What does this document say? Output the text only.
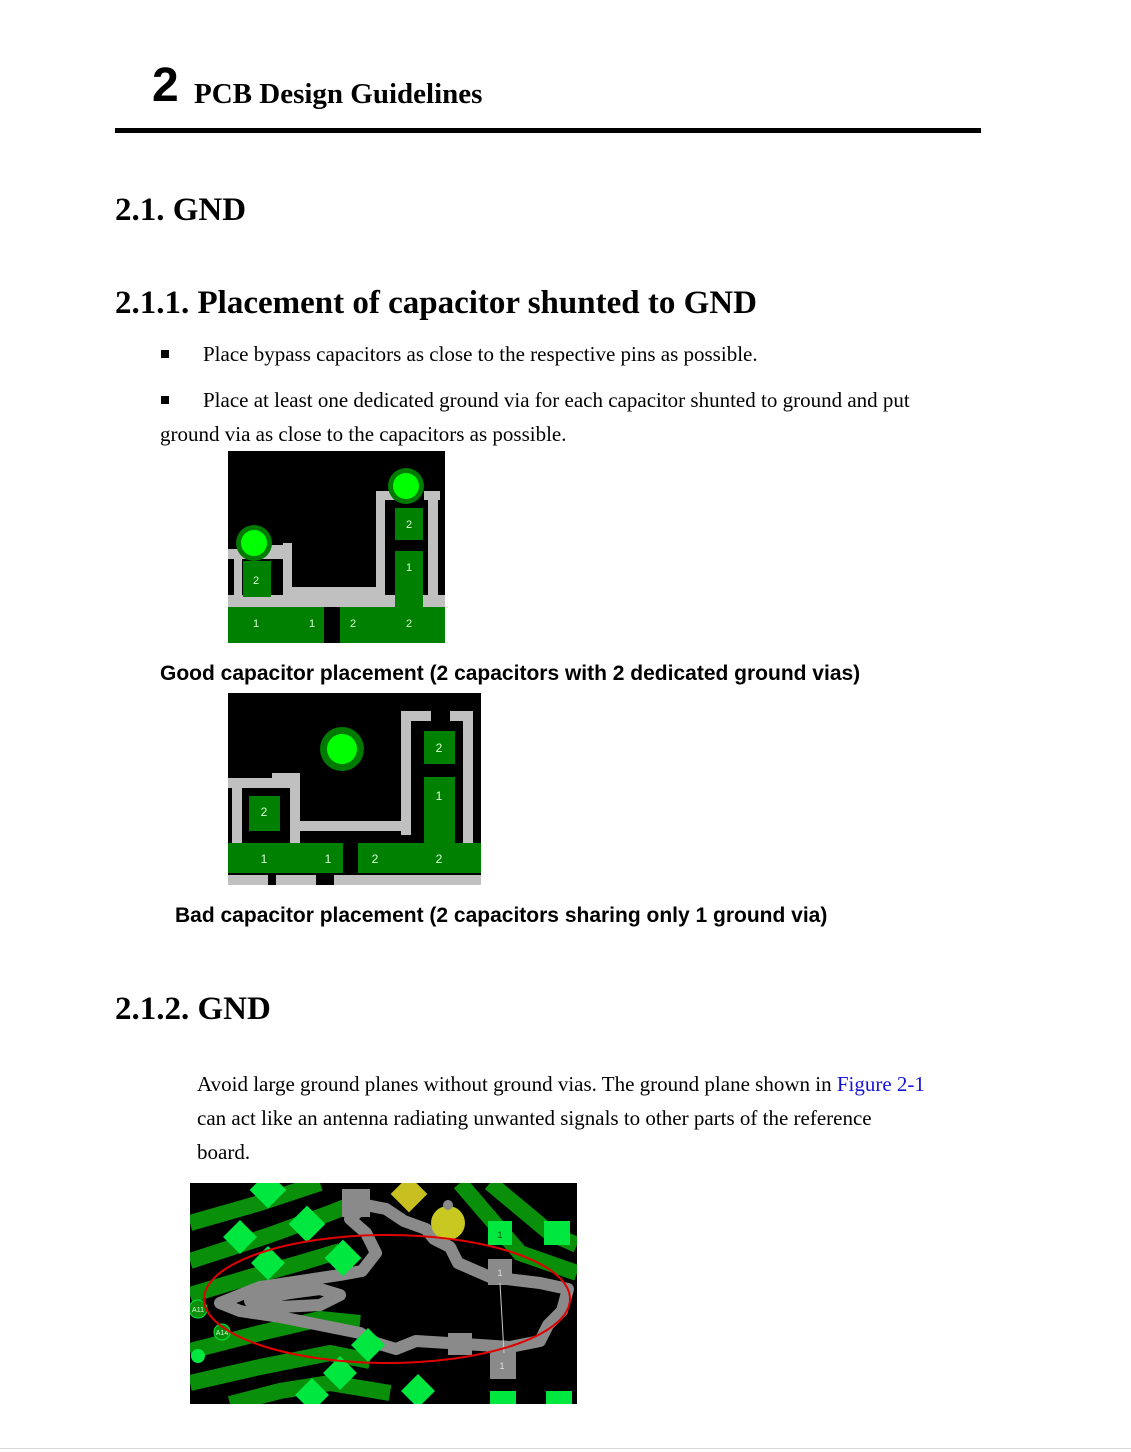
2 PCB Design Guidelines
2.1. GND
2.1.1. Placement of capacitor shunted to GND
Place bypass capacitors as close to the respective pins as possible.
Place at least one dedicated ground via for each capacitor shunted to ground and put
ground via as close to the capacitors as possible.
2
2
1
1	1	2	2
Good capacitor placement (2 capacitors with 2 dedicated ground vias)
2
2
1
1	1	2	2
Bad capacitor placement (2 capacitors sharing only 1 ground via)
2.1.2. GND
Avoid large ground planes without ground vias. The ground plane shown in Figure 2-1
can act like an antenna radiating unwanted signals to other parts of the reference
board.
A11
A14
1
1
1
